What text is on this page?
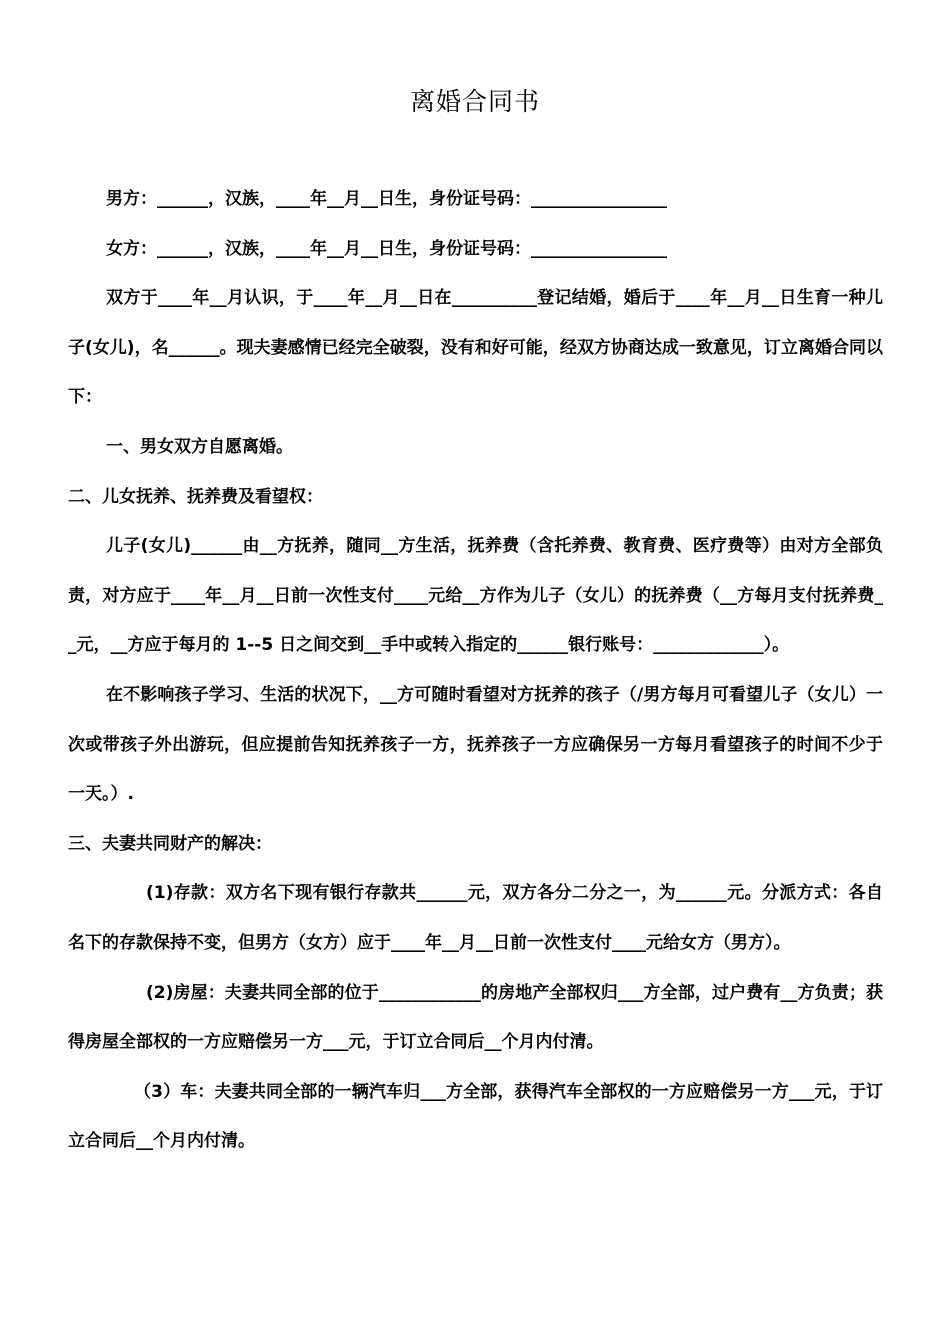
离婚合同书

男方：______，汉族，____年__月__日生，身份证号码：________________

女方：______，汉族，____年__月__日生，身份证号码：________________

双方于____年__月认识，于____年__月__日在__________登记结婚，婚后于____年__月__日生育一种儿子(女儿)，名______。现夫妻感情已经完全破裂，没有和好可能，经双方协商达成一致意见，订立离婚合同以下：

一、男女双方自愿离婚。

二、儿女抚养、抚养费及看望权：

儿子(女儿)______由__方抚养，随同__方生活，抚养费（含托养费、教育费、医疗费等）由对方全部负责，对方应于____年__月__日前一次性支付____元给__方作为儿子（女儿）的抚养费（__方每月支付抚养费__元，__方应于每月的 1--5 日之间交到__手中或转入指定的______银行账号：_____________）。

在不影响孩子学习、生活的状况下，__方可随时看望对方抚养的孩子（/男方每月可看望儿子（女儿）一次或带孩子外出游玩，但应提前告知抚养孩子一方，抚养孩子一方应确保另一方每月看望孩子的时间不少于一天。）.

三、夫妻共同财产的解决：

(1)存款：双方名下现有银行存款共______元，双方各分二分之一，为______元。分派方式：各自名下的存款保持不变，但男方（女方）应于____年__月__日前一次性支付____元给女方（男方）。

(2)房屋：夫妻共同全部的位于____________的房地产全部权归___方全部，过户费有__方负责；获得房屋全部权的一方应赔偿另一方___元，于订立合同后__个月内付清。

（3）车：夫妻共同全部的一辆汽车归___方全部，获得汽车全部权的一方应赔偿另一方___元，于订立合同后__个月内付清。
